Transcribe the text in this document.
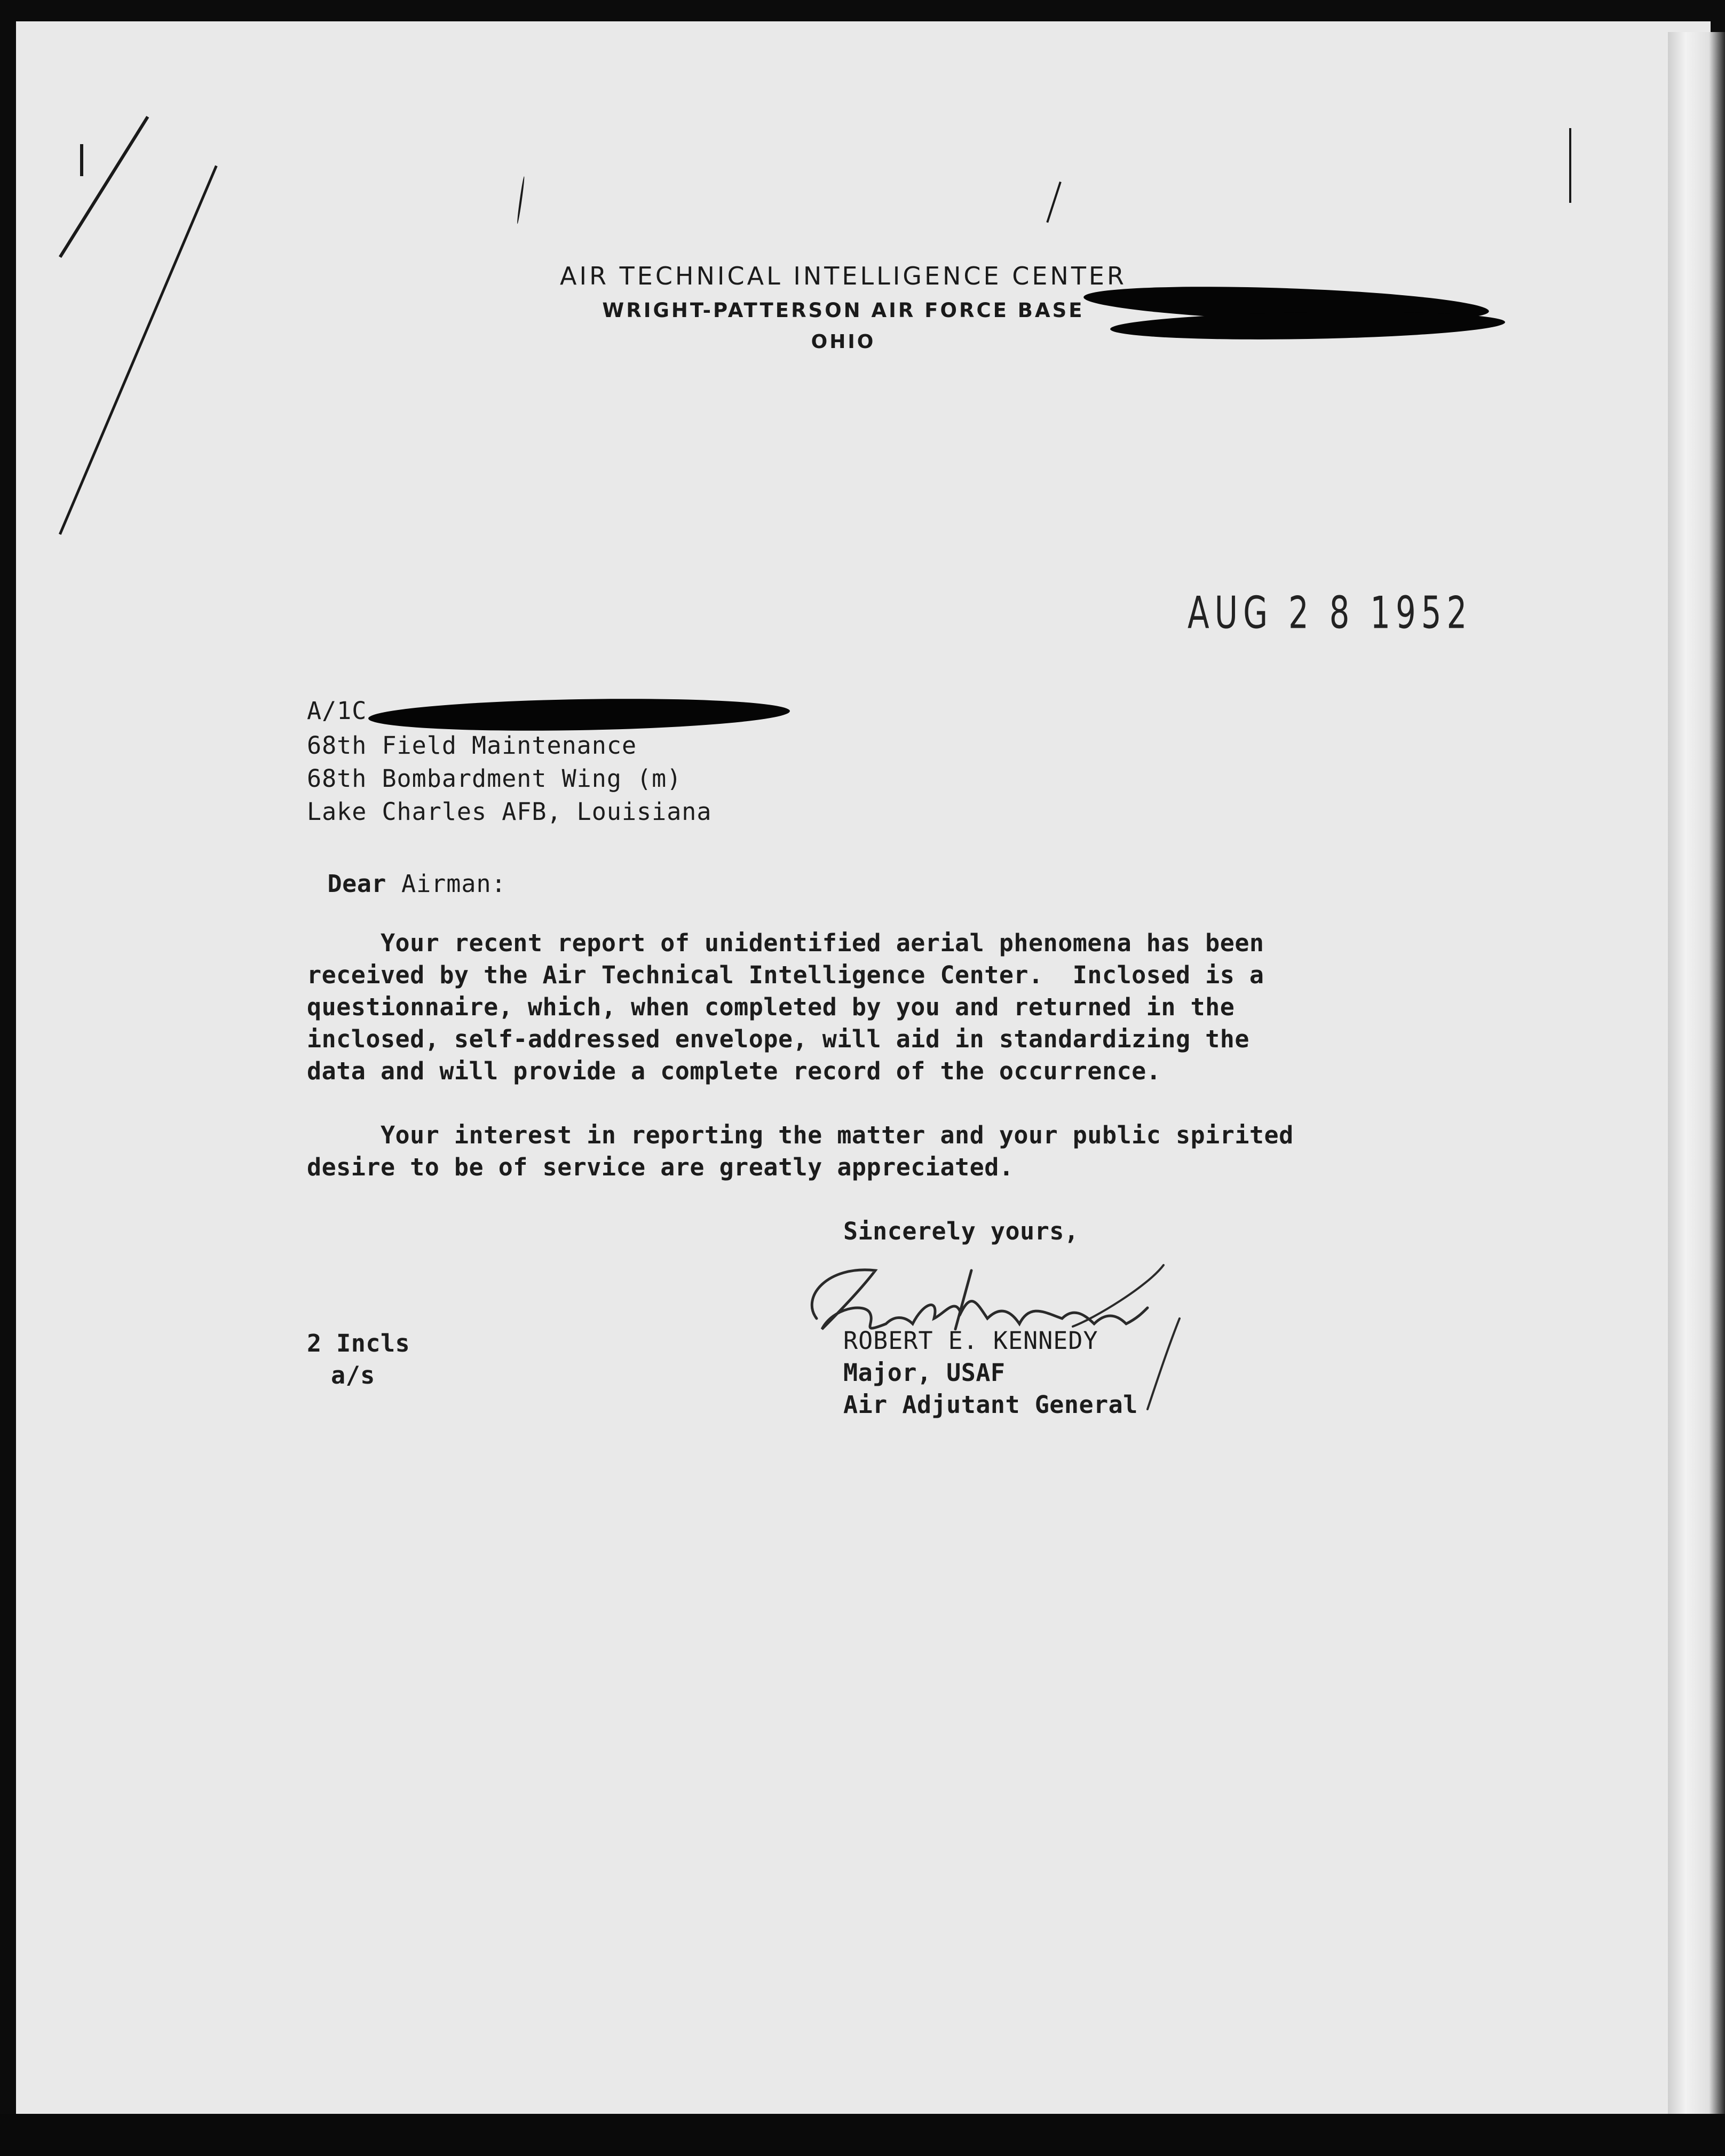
AIR TECHNICAL INTELLIGENCE CENTER
WRIGHT-PATTERSON AIR FORCE BASE
OHIO
AUG 2 8 1952
A/1C
68th Field Maintenance
68th Bombardment Wing (m)
Lake Charles AFB, Louisiana

Dear Airman:

Your recent report of unidentified aerial phenomena has been
received by the Air Technical Intelligence Center.  Inclosed is a
questionnaire, which, when completed by you and returned in the
inclosed, self-addressed envelope, will aid in standardizing the
data and will provide a complete record of the occurrence.
Your interest in reporting the matter and your public spirited
desire to be of service are greatly appreciated.
Sincerely yours,
ROBERT E. KENNEDY
Major, USAF
Air Adjutant General
2 Incls
a/s
